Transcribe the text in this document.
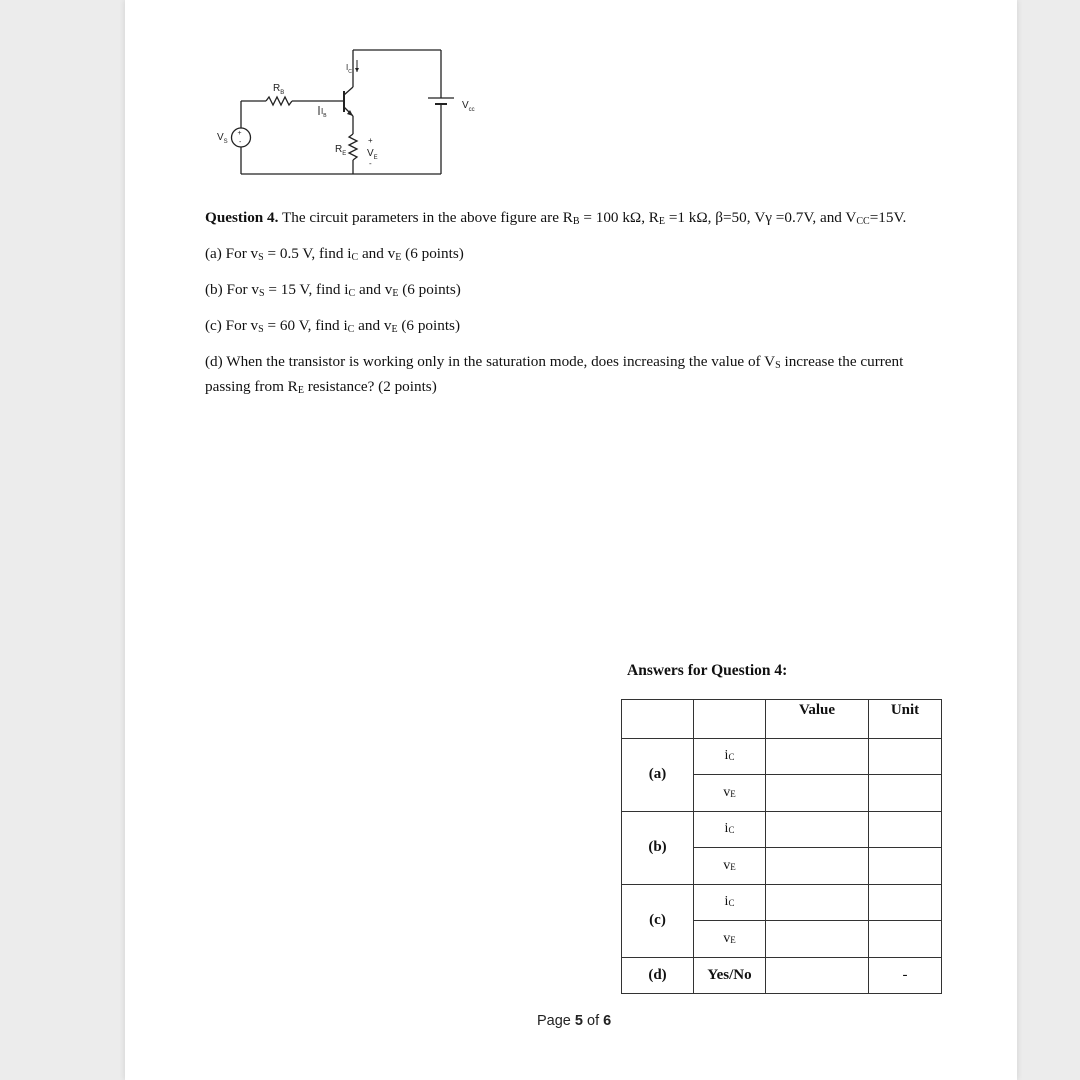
$R_B$
$I_B$
$I_C$
$V_{cc}$
$V_S$
+
-
$R_E$
+
$V_E$
-
Question 4. The circuit parameters in the above figure are $R_B = 100$ kΩ, $R_E =1$ kΩ, β=50, Vγ =0.7V, and $V_{CC}=15V$.
(a) For $v_S = 0.5$ V, find $i_C$ and $v_E$ (6 points)
(b) For $v_S = 15$ V, find $i_C$ and $v_E$ (6 points)
(c) For $v_S = 60$ V, find $i_C$ and $v_E$ (6 points)
(d) When the transistor is working only in the saturation mode, does increasing the value of $V_S$ increase the current passing from $R_E$ resistance? (2 points)
Answers for Question 4:
		Value	Unit
(a)	iC		
	vE		
(b)	iC		
	vE		
(c)	iC		
	vE		
(d)	Yes/No		-
Page 5 of 6
